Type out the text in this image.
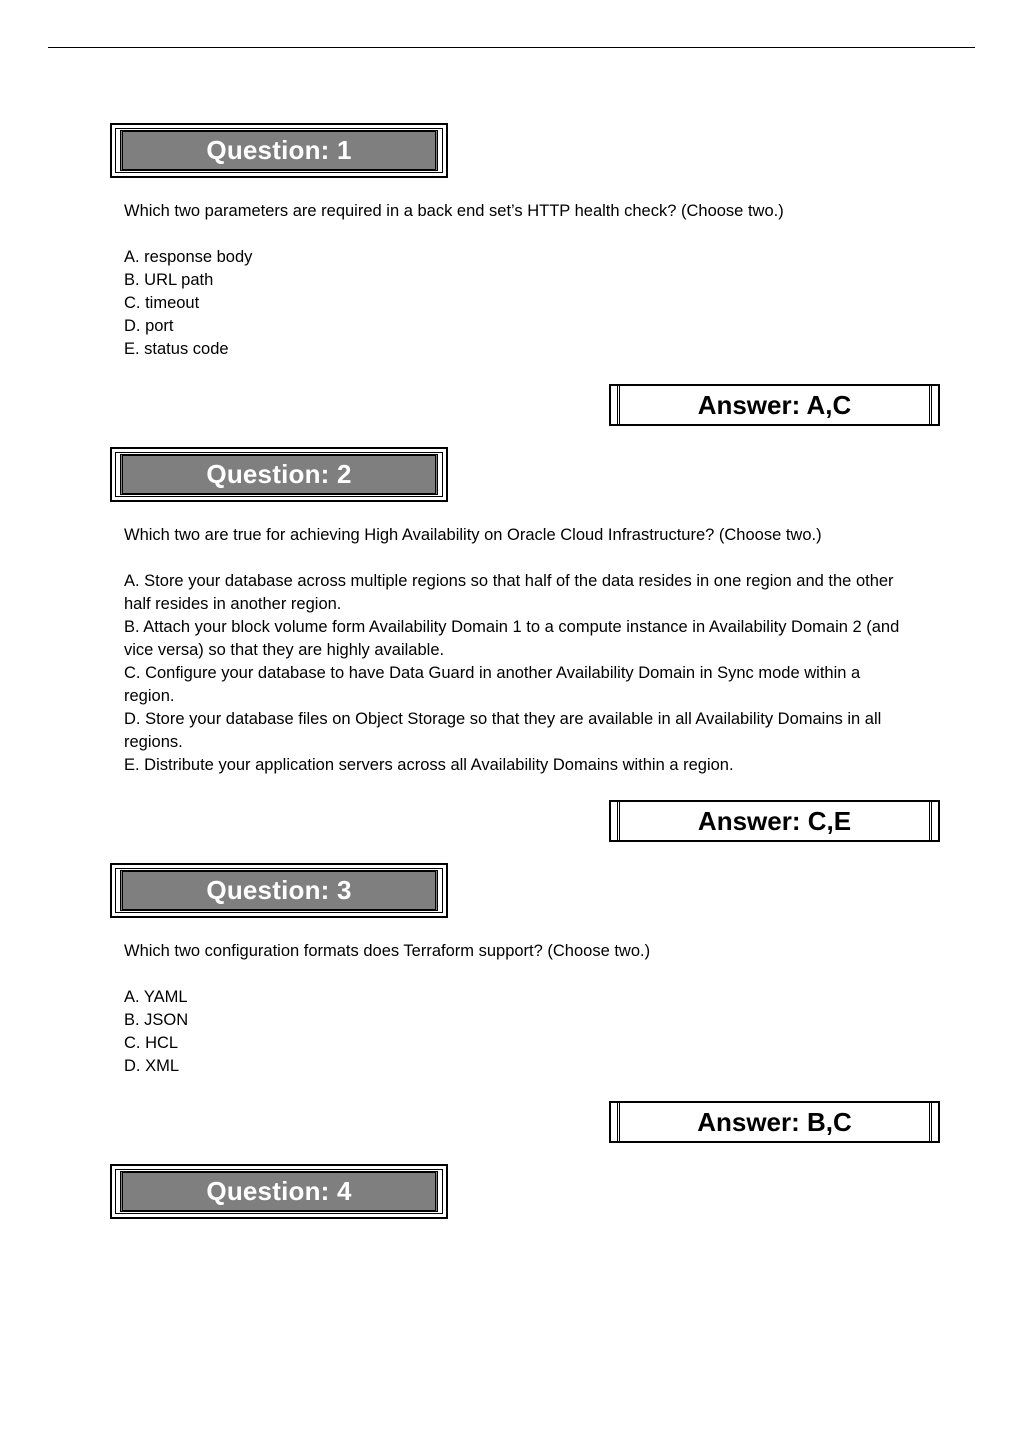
Question: 1

Which two parameters are required in a back end set’s HTTP health check? (Choose two.)

A. response body
B. URL path
C. timeout
D. port
E. status code
Answer: A,C
Question: 2

Which two are true for achieving High Availability on Oracle Cloud Infrastructure? (Choose two.)

A. Store your database across multiple regions so that half of the data resides in one region and the other half resides in another region.
B. Attach your block volume form Availability Domain 1 to a compute instance in Availability Domain 2 (and vice versa) so that they are highly available.
C. Configure your database to have Data Guard in another Availability Domain in Sync mode within a region.
D. Store your database files on Object Storage so that they are available in all Availability Domains in all regions.
E. Distribute your application servers across all Availability Domains within a region.
Answer: C,E
Question: 3

Which two configuration formats does Terraform support? (Choose two.)

A. YAML
B. JSON
C. HCL
D. XML
Answer: B,C
Question: 4
